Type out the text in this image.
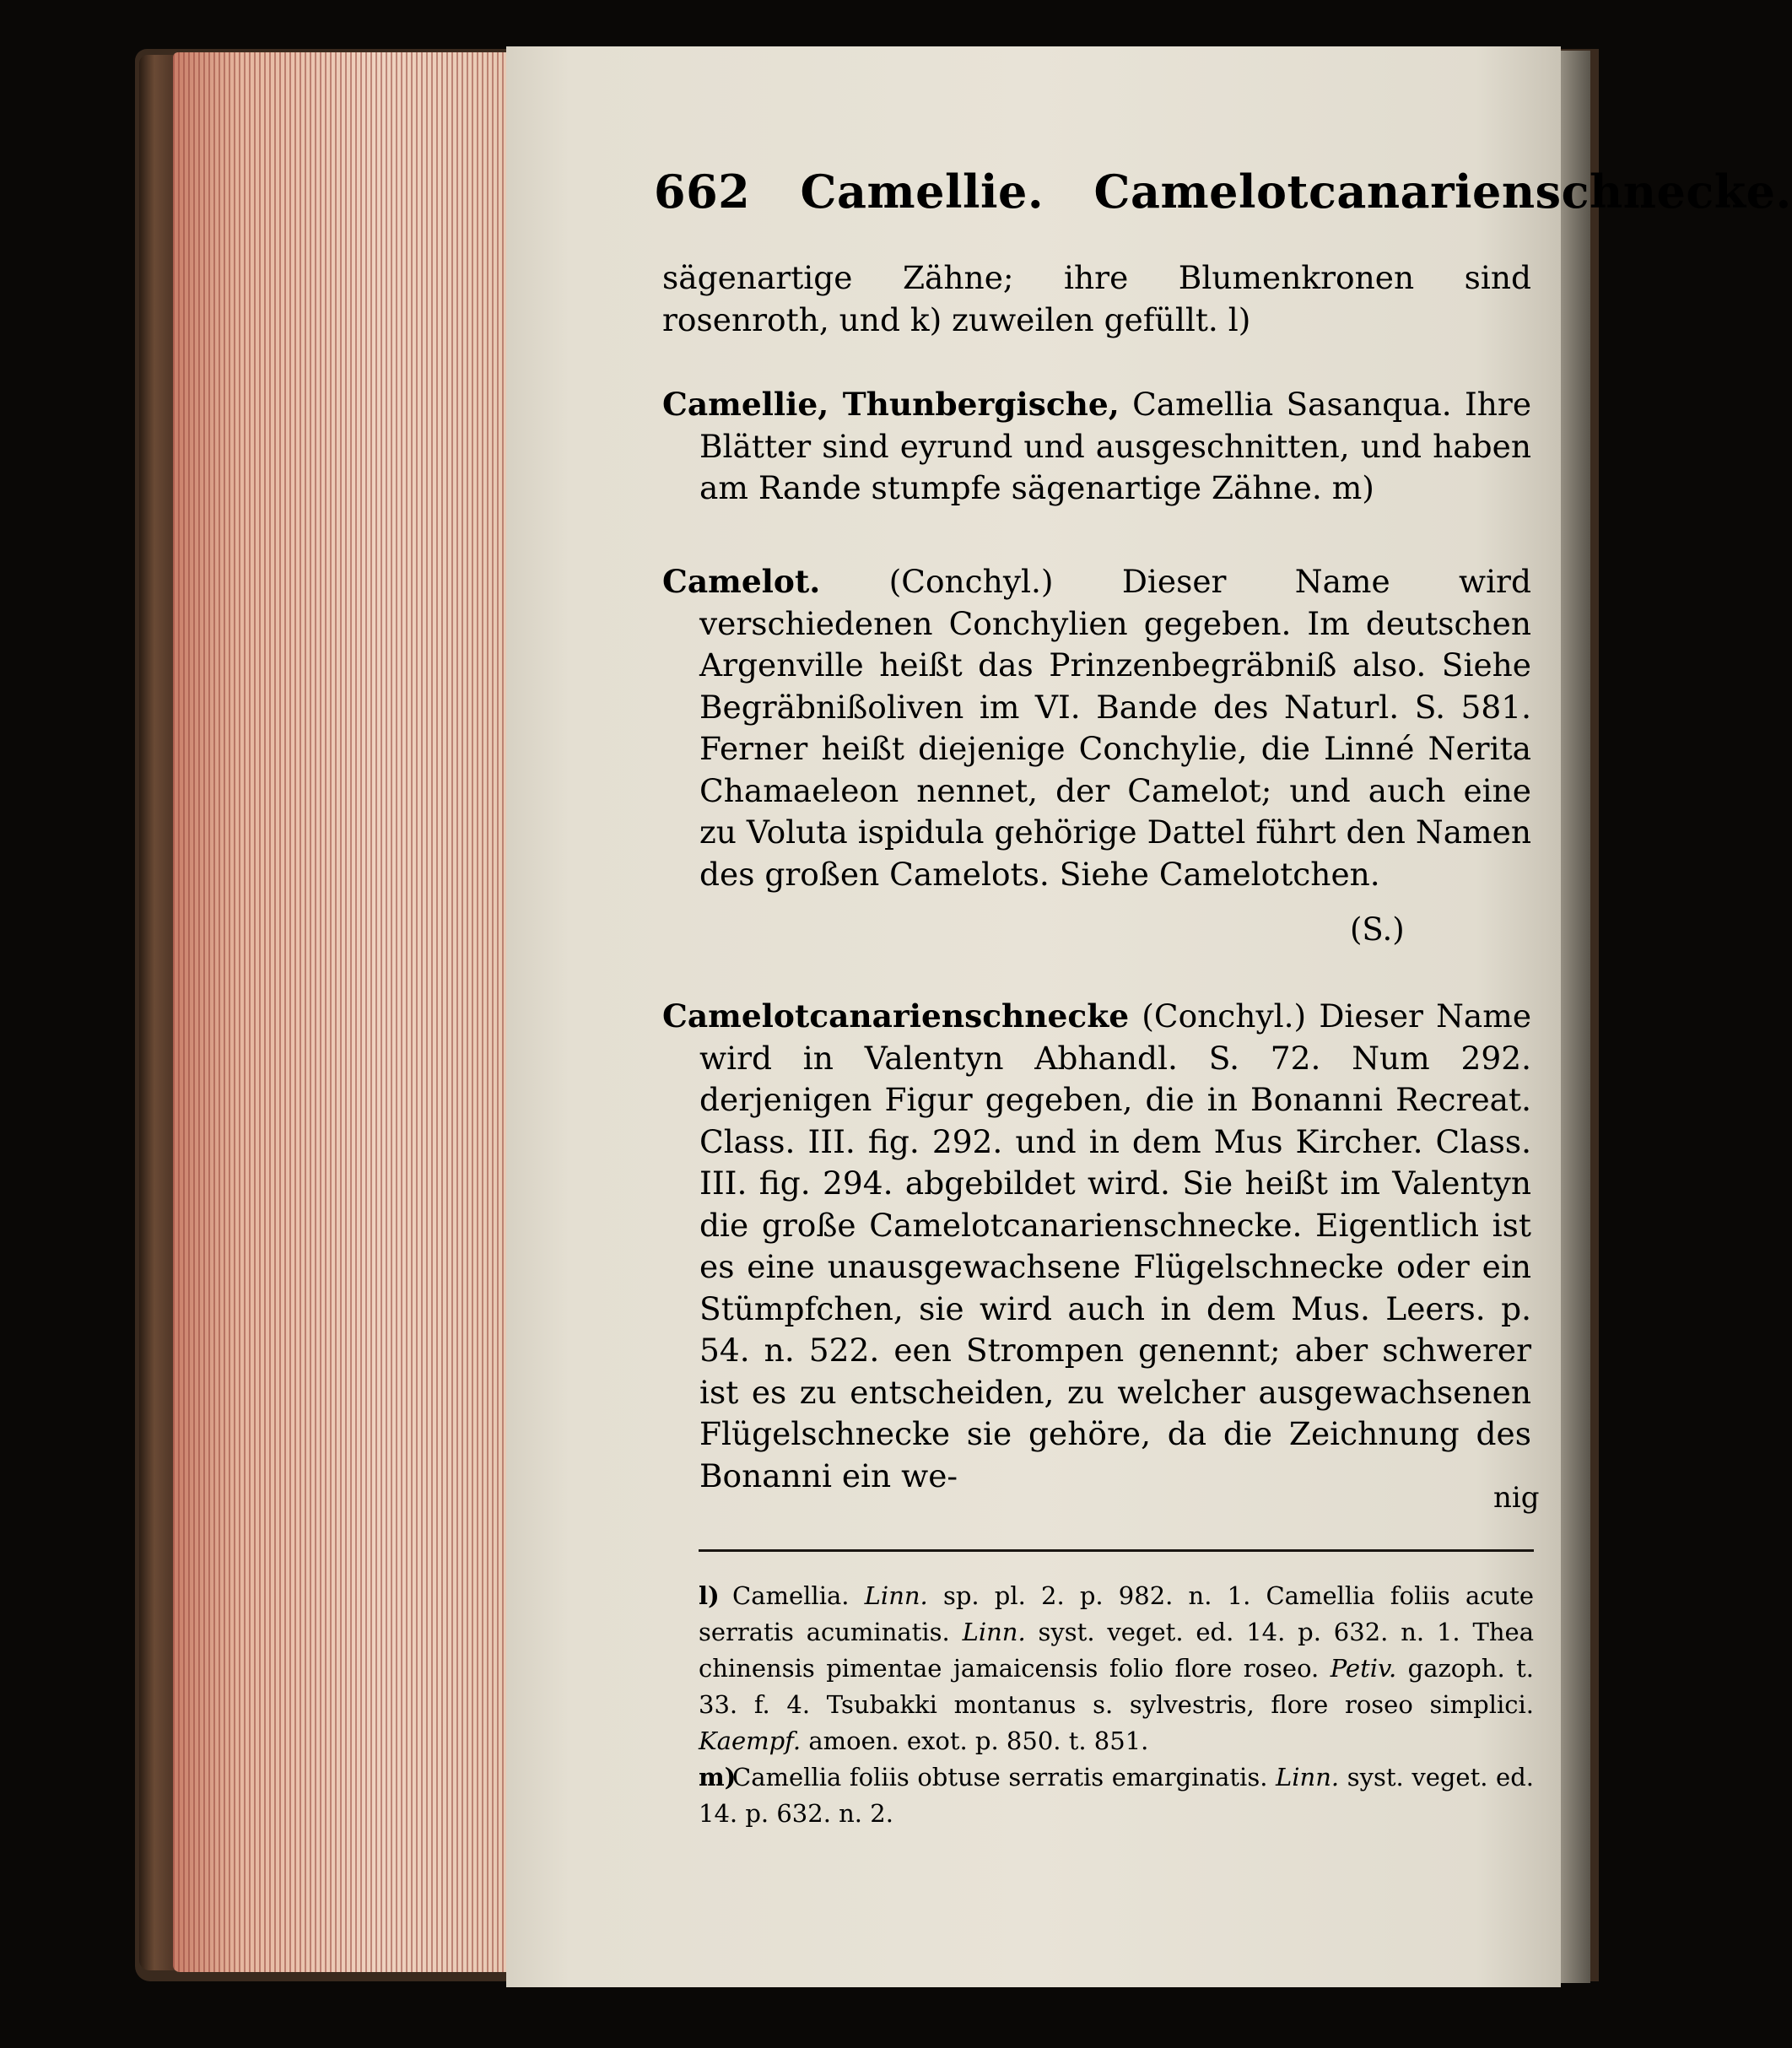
662 Camellie. Camelotcanarienschnecke.
sägenartige Zähne; ihre Blumenkronen sind rosenroth, und k) zuweilen gefüllt. l)
Camellie, Thunbergische, Camellia Sasanqua. Ihre Blätter sind eyrund und ausgeschnitten, und haben am Rande stumpfe sägenartige Zähne. m)
Camelot. (Conchyl.) Dieser Name wird verschiedenen Conchylien gegeben. Im deutschen Argenville heißt das Prinzenbegräbniß also. Siehe Begräbnißoliven im VI. Bande des Naturl. S. 581. Ferner heißt diejenige Conchylie, die Linné Nerita Chamaeleon nennet, der Camelot; und auch eine zu Voluta ispidula gehörige Dattel führt den Namen des großen Camelots. Siehe Camelotchen.
(S.)
Camelotcanarienschnecke (Conchyl.) Dieser Name wird in Valentyn Abhandl. S. 72. Num 292. derjenigen Figur gegeben, die in Bonanni Recreat. Class. III. fig. 292. und in dem Mus Kircher. Class. III. fig. 294. abgebildet wird. Sie heißt im Valentyn die große Camelotcanarienschnecke. Eigentlich ist es eine unausgewachsene Flügelschnecke oder ein Stümpfchen, sie wird auch in dem Mus. Leers. p. 54. n. 522. een Strompen genennt; aber schwerer ist es zu entscheiden, zu welcher ausgewachsenen Flügelschnecke sie gehöre, da die Zeichnung des Bonanni ein we-
nig
l) Camellia. Linn. sp. pl. 2. p. 982. n. 1. Camellia foliis acute serratis acuminatis. Linn. syst. veget. ed. 14. p. 632. n. 1. Thea chinensis pimentae jamaicensis folio flore roseo. Petiv. gazoph. t. 33. f. 4. Tsubakki montanus s. sylvestris, flore roseo simplici. Kaempf. amoen. exot. p. 850. t. 851.
m)Camellia foliis obtuse serratis emarginatis. Linn. syst. veget. ed. 14. p. 632. n. 2.
